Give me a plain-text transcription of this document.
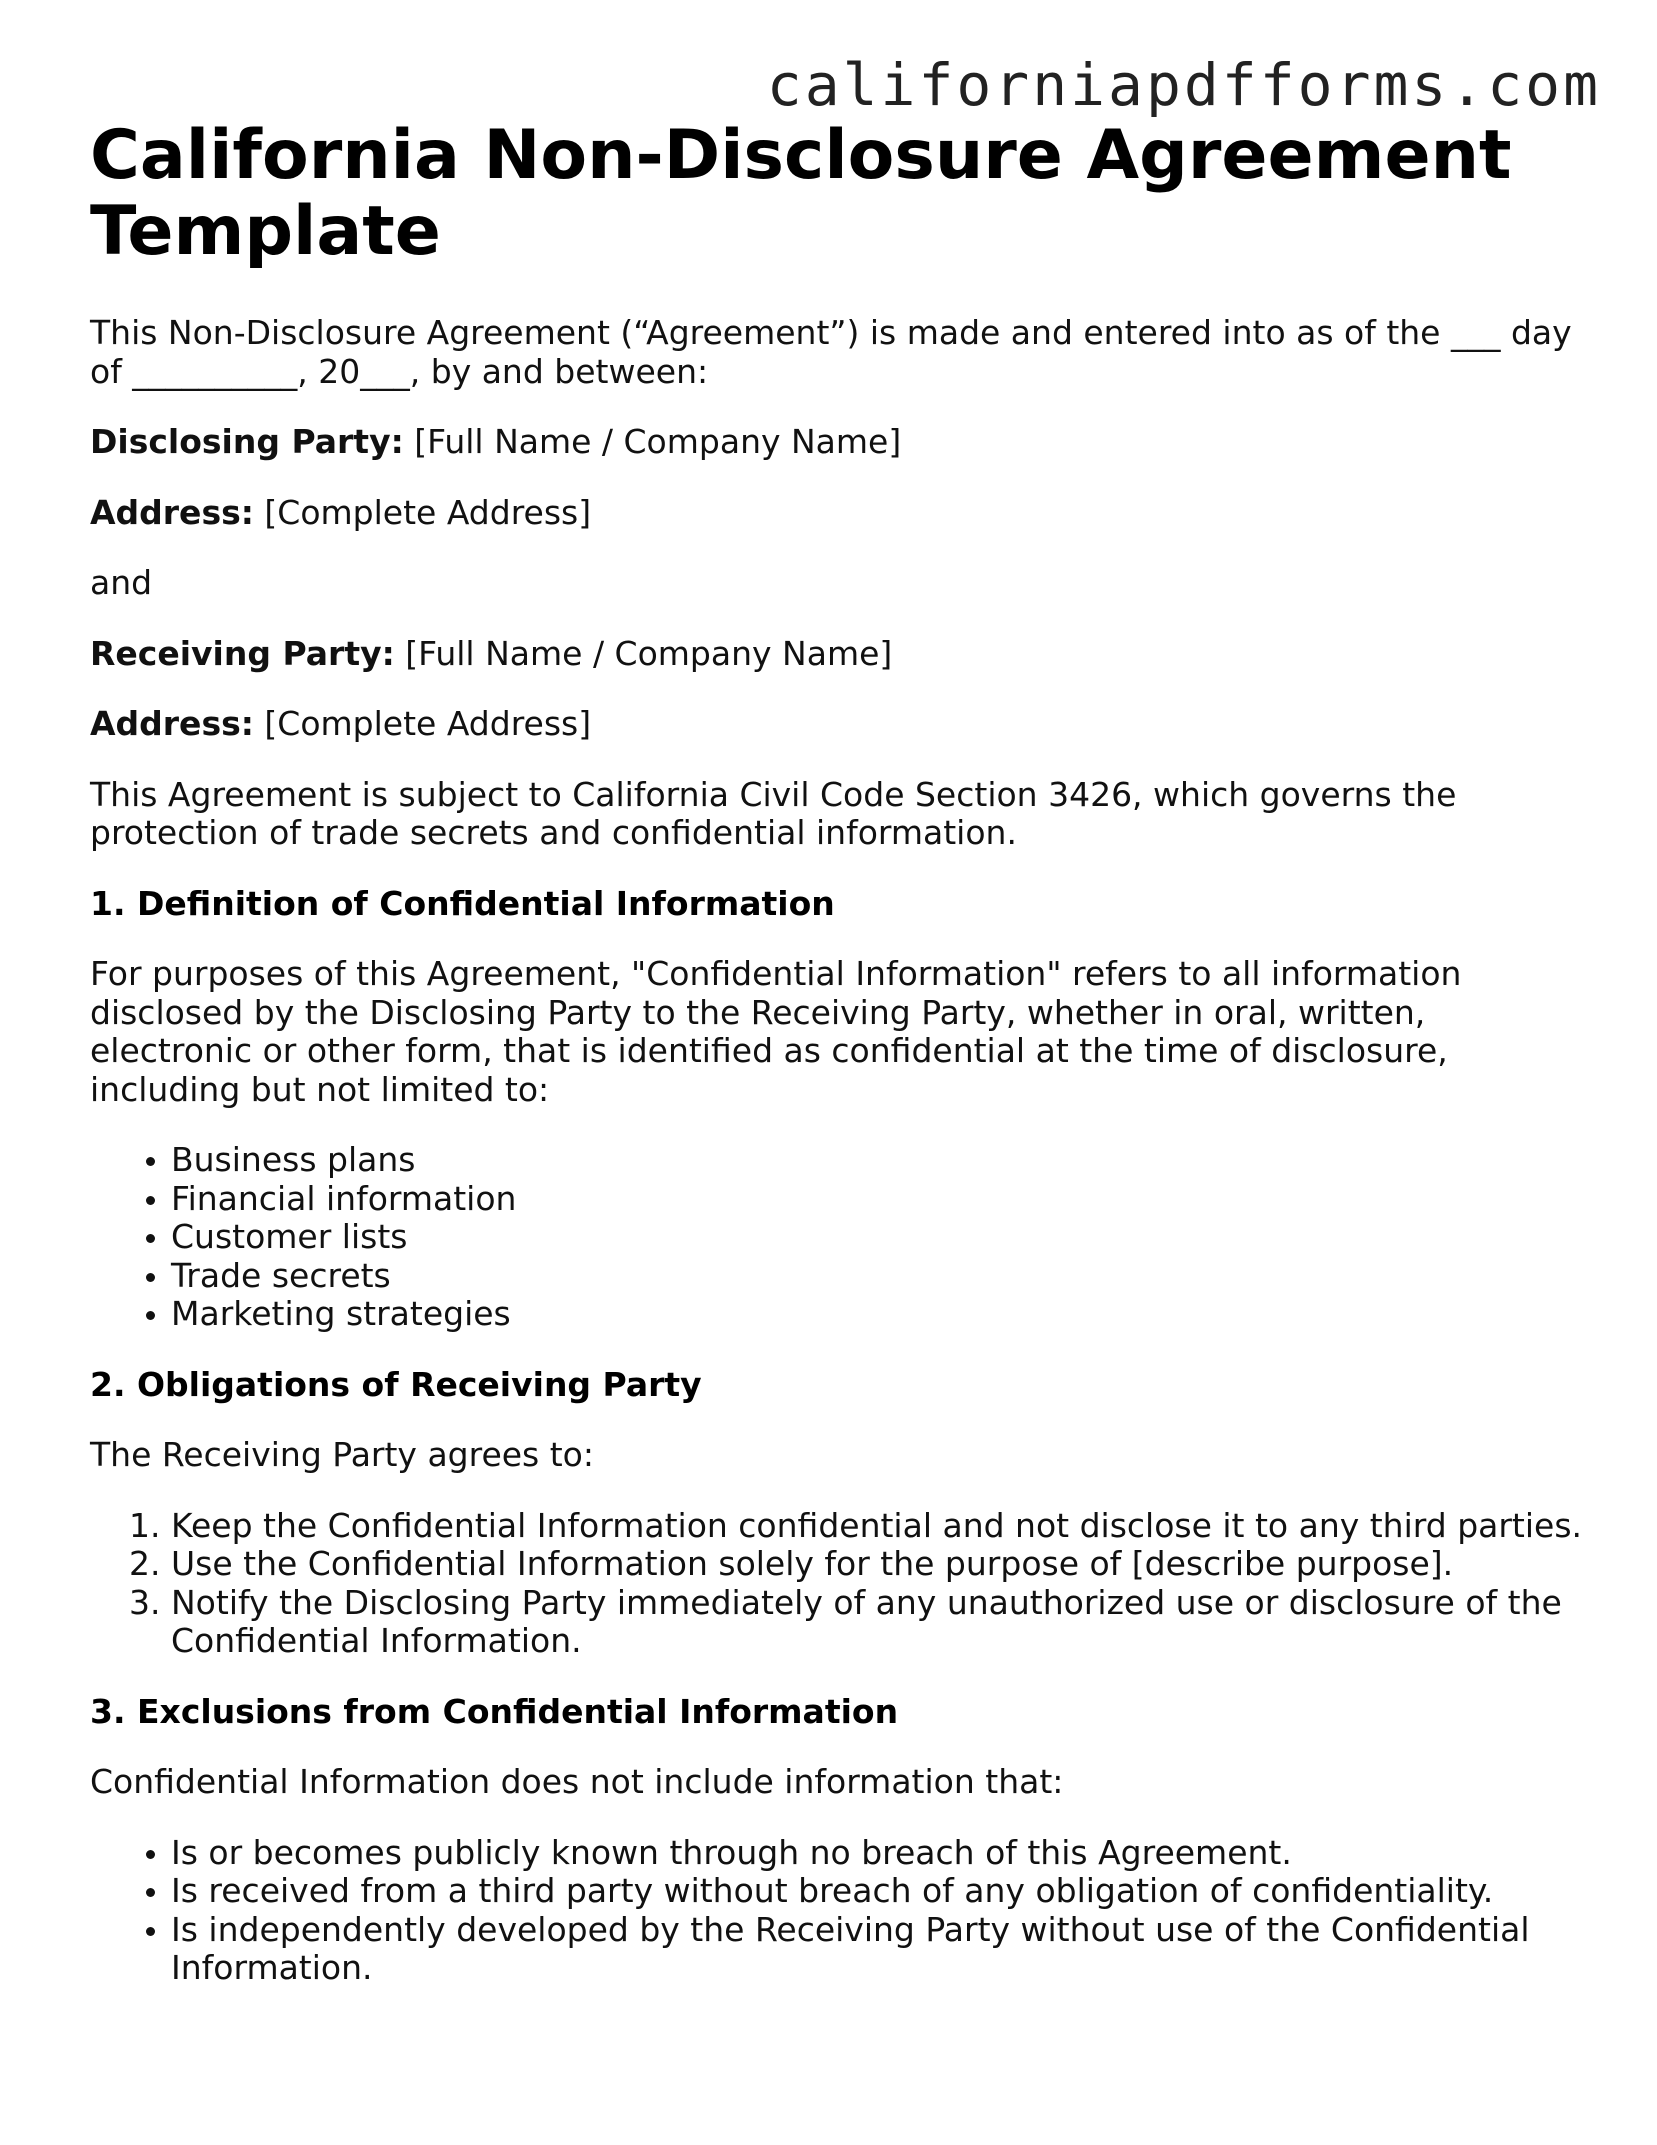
californiapdfforms.com
California Non-Disclosure Agreement Template

This Non-Disclosure Agreement (“Agreement”) is made and entered into as of the ___ day of __________, 20___, by and between:

Disclosing Party: [Full Name / Company Name]

Address: [Complete Address]

and

Receiving Party: [Full Name / Company Name]

Address: [Complete Address]

This Agreement is subject to California Civil Code Section 3426, which governs the protection of trade secrets and confidential information.

1. Definition of Confidential Information

For purposes of this Agreement, "Confidential Information" refers to all information disclosed by the Disclosing Party to the Receiving Party, whether in oral, written, electronic or other form, that is identified as confidential at the time of disclosure, including but not limited to:

• Business plans
• Financial information
• Customer lists
• Trade secrets
• Marketing strategies
2. Obligations of Receiving Party

The Receiving Party agrees to:

1. Keep the Confidential Information confidential and not disclose it to any third parties.
2. Use the Confidential Information solely for the purpose of [describe purpose].
3. Notify the Disclosing Party immediately of any unauthorized use or disclosure of the Confidential Information.
3. Exclusions from Confidential Information

Confidential Information does not include information that:

• Is or becomes publicly known through no breach of this Agreement.
• Is received from a third party without breach of any obligation of confidentiality.
• Is independently developed by the Receiving Party without use of the Confidential Information.
